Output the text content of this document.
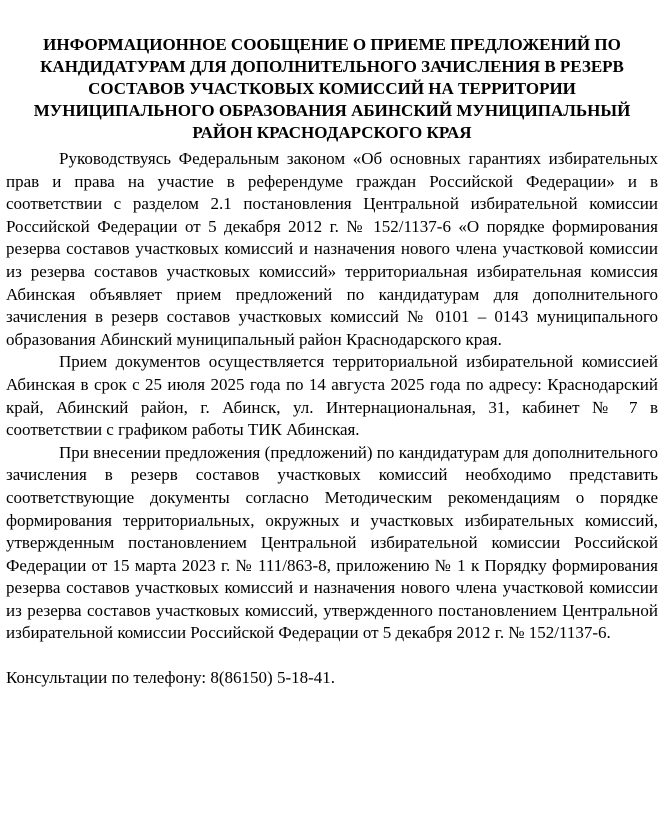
ИНФОРМАЦИОННОЕ СООБЩЕНИЕ О ПРИЕМЕ ПРЕДЛОЖЕНИЙ ПО КАНДИДАТУРАМ ДЛЯ ДОПОЛНИТЕЛЬНОГО ЗАЧИСЛЕНИЯ В РЕЗЕРВ СОСТАВОВ УЧАСТКОВЫХ КОМИССИЙ НА ТЕРРИТОРИИ МУНИЦИПАЛЬНОГО ОБРАЗОВАНИЯ АБИНСКИЙ МУНИЦИПАЛЬНЫЙ РАЙОН КРАСНОДАРСКОГО КРАЯ

Руководствуясь Федеральным законом «Об основных гарантиях избирательных прав и права на участие в референдуме граждан Российской Федерации» и в соответствии с разделом 2.1 постановления Центральной избирательной комиссии Российской Федерации от 5 декабря 2012 г. № 152/1137-6 «О порядке формирования резерва составов участковых комиссий и назначения нового члена участковой комиссии из резерва составов участковых комиссий» территориальная избирательная комиссия Абинская объявляет прием предложений по кандидатурам для дополнительного зачисления в резерв составов участковых комиссий № 0101 – 0143 муниципального образования Абинский муниципальный район Краснодарского края.

Прием документов осуществляется территориальной избирательной комиссией Абинская в срок с 25 июля 2025 года по 14 августа 2025 года по адресу: Краснодарский край, Абинский район, г. Абинск, ул. Интернациональная, 31, кабинет № 7 в соответствии с графиком работы ТИК Абинская.

При внесении предложения (предложений) по кандидатурам для дополнительного зачисления в резерв составов участковых комиссий необходимо представить соответствующие документы согласно Методическим рекомендациям о порядке формирования территориальных, окружных и участковых избирательных комиссий, утвержденным постановлением Центральной избирательной комиссии Российской Федерации от 15 марта 2023 г. № 111/863-8, приложению № 1 к Порядку формирования резерва составов участковых комиссий и назначения нового члена участковой комиссии из резерва составов участковых комиссий, утвержденного постановлением Центральной избирательной комиссии Российской Федерации от 5 декабря 2012 г. № 152/1137-6.

Консультации по телефону: 8(86150) 5-18-41.
